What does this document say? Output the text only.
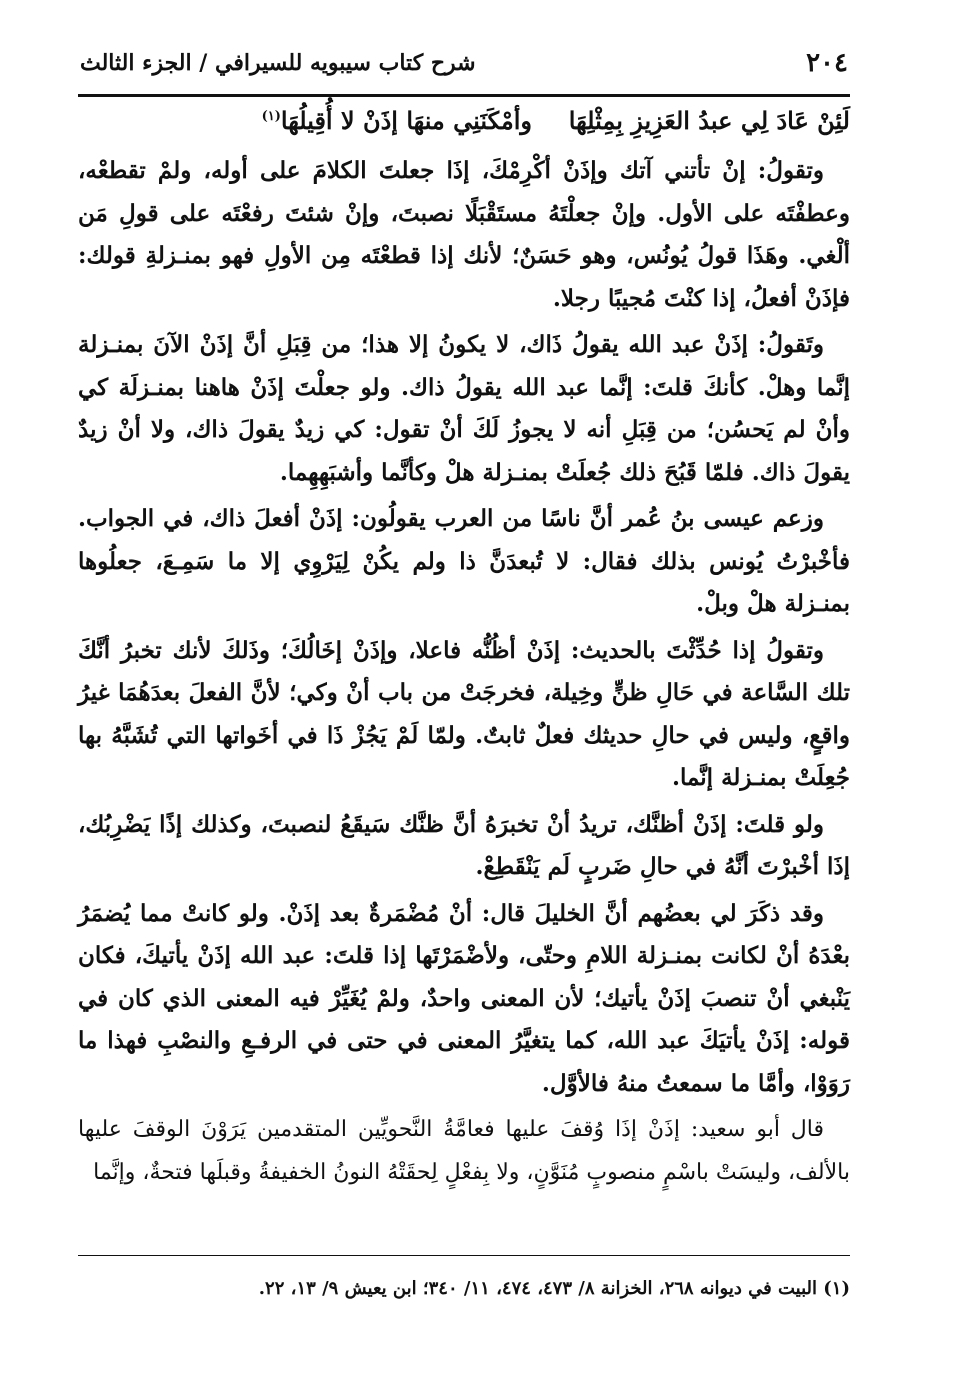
٢٠٤
شرح كتاب سيبويه للسيرافي / الجزء الثالث
لَئِنْ عَادَ لِي عبدُ العَزِيزِ بِمِثْلِهَا
وأمْكَنَنِي منهَا إذَنْ لا أُقِيلُهَا$^{(١)}$

وتقولُ: إنْ تأتني آتك وإذَنْ أكْرِمْكَ، إذَا جعلتَ الكلامَ على أوله، ولمْ تقطعْه، وعطفْتَه على الأول. وإنْ جعلْتَهُ مستَقْبَلًا نصبتَ، وإنْ شئتَ رفعْتَه على قولِ مَن ألْغي. وهَذَا قولُ يُونُس، وهو حَسَنٌ؛ لأنك إذا قطعْتَه مِن الأولِ فهو بمنـزلةِ قولك: فإذَنْ أفعلُ، إذا كنْتَ مُجيبًا رجلا.

وتَقولُ: إذَنْ عبد الله يقولُ ذَاك، لا يكونُ إلا هذا؛ من قِبَلِ أنَّ إذَنْ الآنَ بمنـزلة إنَّما وهلْ. كأنكَ قلتَ: إنَّما عبد الله يقولُ ذاك. ولو جعلْتَ إذَنْ هاهنا بمنـزلَة كي وأنْ لم يَحسُن؛ من قِبَلِ أنه لا يجوزُ لَكَ أنْ تقول: كي زيدٌ يقولَ ذاك، ولا أنْ زيدٌ يقولَ ذاك. فلمّا قَبُحَ ذلك جُعلَتْ بمنـزلة هلْ وكأنَّما وأشبَهِهِما.

وزعم عيسى بنُ عُمر أنَّ ناسًا من العرب يقولُون: إذَنْ أفعلَ ذاك، في الجواب. فأخْبرْتُ يُونس بذلك فقال: لا تُبعدَنَّ ذا ولم يكُنْ لِيَرْوِي إلا ما سَمِـعَ، جعلُوها بمنـزلة هلْ وبلْ.

وتقولُ إذا حُدِّثْتَ بالحديث: إذَنْ أظُنُّه فاعلا، وإذَنْ إخَالُكَ؛ وذَلكَ لأنك تخبرُ أنَّكَ تلك السَّاعة في حَالِ ظنٍّ وخِيلة، فخرجَتْ من باب أنْ وكي؛ لأنَّ الفعلَ بعدَهُمَا غيرُ واقعٍ، وليس في حالِ حديثك فعلٌ ثابتٌ. ولمّا لَمْ يَجُزْ ذَا في أخَواتها التي تُشَبَّهُ بها جُعِلَتْ بمنـزلة إنَّما.

ولو قلتَ: إذَنْ أظنَّك، تريدُ أنْ تخبرَهُ أنَّ ظنَّك سَيقَعُ لنصبتَ، وكذلك إذًا يَضْرِبُك، إذَا أخْبرْتَ أنَّهُ في حالِ ضَربٍ لَم يَنْقَطِعْ.

وقد ذكَرَ لي بعضُهم أنَّ الخليلَ قال: أنْ مُضْمَرةٌ بعد إذَنْ. ولو كانتْ مما يُضمَرُ بعْدَهُ أنْ لكانت بمنـزلة اللامِ وحتّى، ولأضْمَرْتَها إذا قلتَ: عبد الله إذَنْ يأتيكَ، فكان يَنْبغي أنْ تنصبَ إذَنْ يأتيك؛ لأن المعنى واحدٌ، ولمْ يُغَيِّرْ فيه المعنى الذي كان في قوله: إذَنْ يأتيَكَ عبد الله، كما يتغيَّرُ المعنى في حتى في الرفـعِ والنصْبِ فهذا ما رَوَوْا، وأمَّا ما سمعتُ منهُ فالأوَّل.

قال أبو سعيد: إذَنْ إذَا وُقفَ عليها فعامَّةُ النَّحويِّين المتقدمين يَرَوْنَ الوقفَ عليها بالألف، وليسَتْ باسْمٍ منصوبٍ مُنَوَّنٍ، ولا بِفعْلٍ لِحقَتْهُ النونُ الخفيفةُ وقبلَها فتحةٌ، وإنَّما

(١) البيت في ديوانه ٢٦٨، الخزانة ٨/ ٤٧٣، ٤٧٤، ١١/ ٣٤٠؛ ابن يعيش ٩/ ١٣، ٢٢.
